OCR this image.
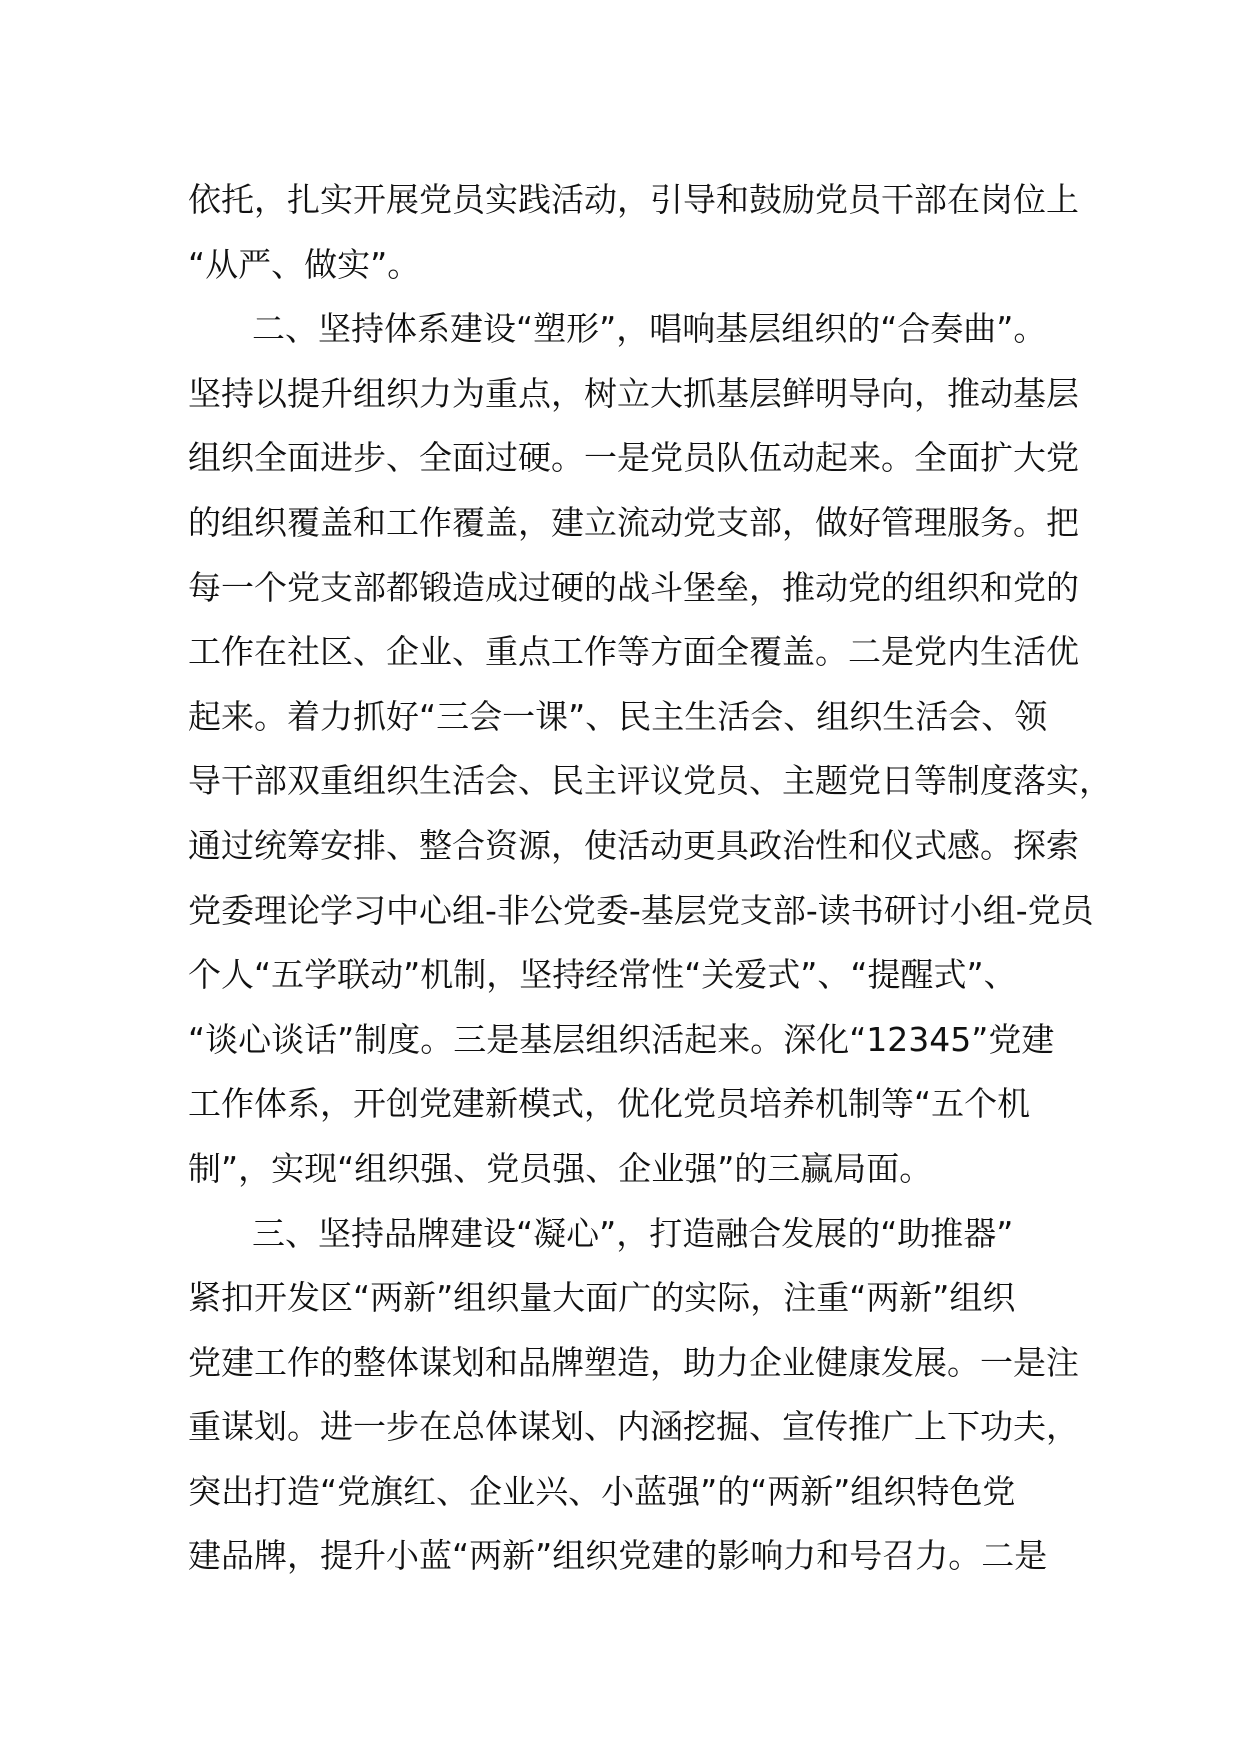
依托，扎实开展党员实践活动，引导和鼓励党员干部在岗位上
“从严、做实”。
二、坚持体系建设“塑形”，唱响基层组织的“合奏曲”。
坚持以提升组织力为重点，树立大抓基层鲜明导向，推动基层
组织全面进步、全面过硬。一是党员队伍动起来。全面扩大党
的组织覆盖和工作覆盖，建立流动党支部，做好管理服务。把
每一个党支部都锻造成过硬的战斗堡垒，推动党的组织和党的
工作在社区、企业、重点工作等方面全覆盖。二是党内生活优
起来。着力抓好“三会一课”、民主生活会、组织生活会、领
导干部双重组织生活会、民主评议党员、主题党日等制度落实，
通过统筹安排、整合资源，使活动更具政治性和仪式感。探索
党委理论学习中心组-非公党委-基层党支部-读书研讨小组-党员
个人“五学联动”机制，坚持经常性“关爱式”、“提醒式”、
“谈心谈话”制度。三是基层组织活起来。深化“12345”党建
工作体系，开创党建新模式，优化党员培养机制等“五个机
制”，实现“组织强、党员强、企业强”的三赢局面。
三、坚持品牌建设“凝心”，打造融合发展的“助推器”
紧扣开发区“两新”组织量大面广的实际，注重“两新”组织
党建工作的整体谋划和品牌塑造，助力企业健康发展。一是注
重谋划。进一步在总体谋划、内涵挖掘、宣传推广上下功夫，
突出打造“党旗红、企业兴、小蓝强”的“两新”组织特色党
建品牌，提升小蓝“两新”组织党建的影响力和号召力。二是
